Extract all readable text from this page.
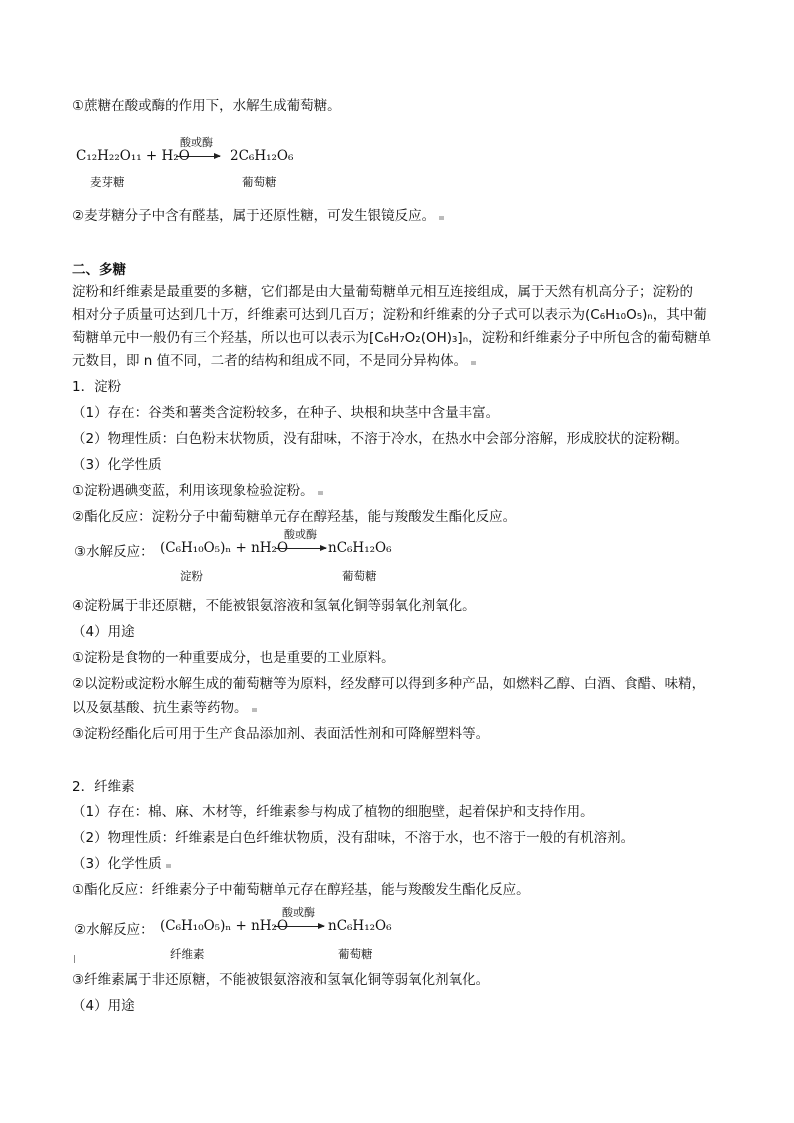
①蔗糖在酸或酶的作用下，水解生成葡萄糖。
酸或酶
C₁₂H₂₂O₁₁ + H₂O → 2C₆H₁₂O₆
麦芽糖	葡萄糖
②麦芽糖分子中含有醛基，属于还原性糖，可发生银镜反应。
二、多糖
淀粉和纤维素是最重要的多糖，它们都是由大量葡萄糖单元相互连接组成，属于天然有机高分子；淀粉的
相对分子质量可达到几十万，纤维素可达到几百万；淀粉和纤维素的分子式可以表示为(C₆H₁₀O₅)ₙ，其中葡
萄糖单元中一般仍有三个羟基，所以也可以表示为[C₆H₇O₂(OH)₃]ₙ，淀粉和纤维素分子中所包含的葡萄糖单
元数目，即 n 值不同，二者的结构和组成不同，不是同分异构体。
1．淀粉
（1）存在：谷类和薯类含淀粉较多，在种子、块根和块茎中含量丰富。
（2）物理性质：白色粉末状物质，没有甜味，不溶于冷水，在热水中会部分溶解，形成胶状的淀粉糊。
（3）化学性质
①淀粉遇碘变蓝，利用该现象检验淀粉。
②酯化反应：淀粉分子中葡萄糖单元存在醇羟基，能与羧酸发生酯化反应。
③水解反应： (C₆H₁₀O₅)ₙ + nH₂O
酸或酶
→ nC₆H₁₂O₆
淀粉	葡萄糖
④淀粉属于非还原糖，不能被银氨溶液和氢氧化铜等弱氧化剂氧化。
（4）用途
①淀粉是食物的一种重要成分，也是重要的工业原料。
②以淀粉或淀粉水解生成的葡萄糖等为原料，经发酵可以得到多种产品，如燃料乙醇、白酒、食醋、味精，
以及氨基酸、抗生素等药物。
③淀粉经酯化后可用于生产食品添加剂、表面活性剂和可降解塑料等。
2．纤维素
（1）存在：棉、麻、木材等，纤维素参与构成了植物的细胞壁，起着保护和支持作用。
（2）物理性质：纤维素是白色纤维状物质，没有甜味，不溶于水，也不溶于一般的有机溶剂。
（3）化学性质
①酯化反应：纤维素分子中葡萄糖单元存在醇羟基，能与羧酸发生酯化反应。
②水解反应： (C₆H₁₀O₅)ₙ + nH₂O
酸或酶
→ nC₆H₁₂O₆
纤维素	葡萄糖
③纤维素属于非还原糖，不能被银氨溶液和氢氧化铜等弱氧化剂氧化。
（4）用途
